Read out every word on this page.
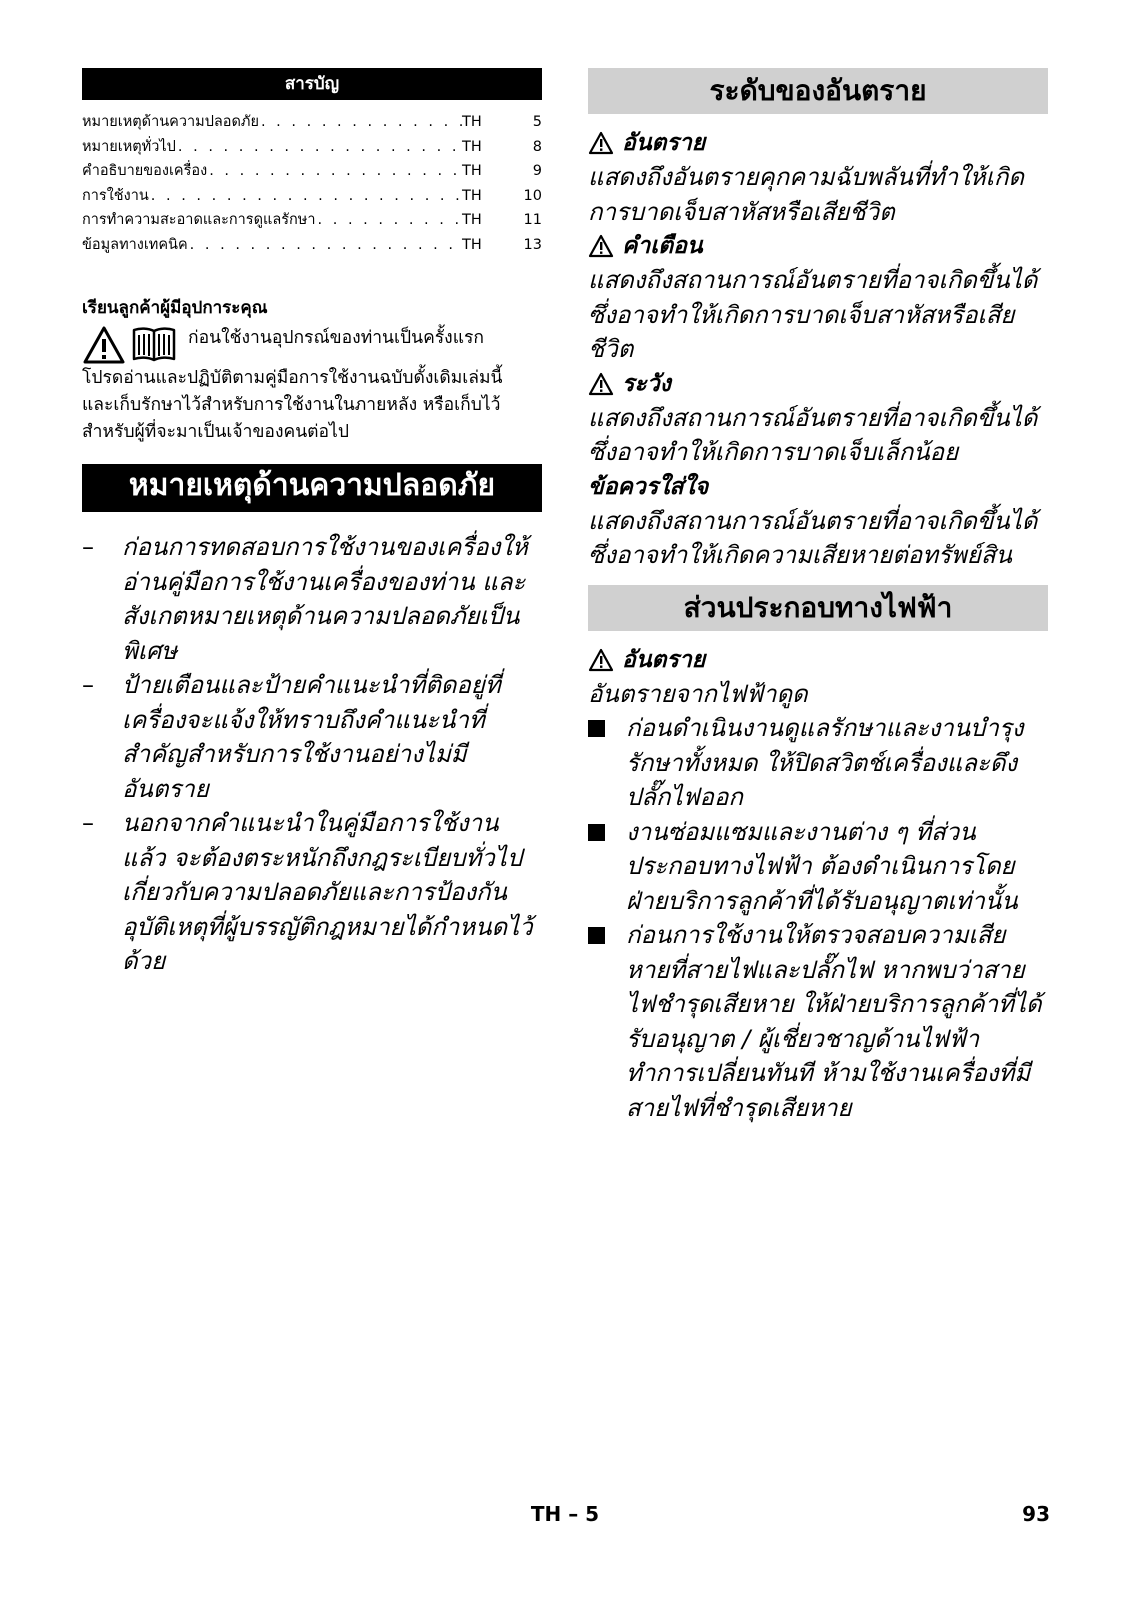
สารบัญ
หมายเหตุด้านความปลอดภัย . . .	TH	5
หมายเหตุทั่วไป . . .	TH	8
คำอธิบายของเครื่อง . . .	TH	9
การใช้งาน . . .	TH	10
การทำความสะอาดและการดูแลรักษา . . .	TH	11
ข้อมูลทางเทคนิค . . .	TH	13
เรียนลูกค้าผู้มีอุปการะคุณ
ก่อนใช้งานอุปกรณ์ของท่านเป็นครั้งแรก
โปรดอ่านและปฏิบัติตามคู่มือการใช้งานฉบับดั้งเดิมเล่มนี้
และเก็บรักษาไว้สำหรับการใช้งานในภายหลัง หรือเก็บไว้สำหรับผู้ที่จะมาเป็นเจ้าของคนต่อไป
หมายเหตุด้านความปลอดภัย
–	ก่อนการทดสอบการใช้งานของเครื่องให้อ่านคู่มือการใช้งานเครื่องของท่าน และสังเกตหมายเหตุด้านความปลอดภัยเป็นพิเศษ
–	ป้ายเตือนและป้ายคำแนะนำที่ติดอยู่ที่เครื่องจะแจ้งให้ทราบถึงคำแนะนำที่สำคัญสำหรับการใช้งานอย่างไม่มีอันตราย
–	นอกจากคำแนะนำในคู่มือการใช้งานแล้ว จะต้องตระหนักถึงกฎระเบียบทั่วไปเกี่ยวกับความปลอดภัยและการป้องกันอุบัติเหตุที่ผู้บรรญัติกฎหมายได้กำหนดไว้ด้วย
ระดับของอันตราย
อันตราย
แสดงถึงอันตรายคุกคามฉับพลันที่ทำให้เกิดการบาดเจ็บสาหัสหรือเสียชีวิต
คำเตือน
แสดงถึงสถานการณ์อันตรายที่อาจเกิดขึ้นได้ ซึ่งอาจทำให้เกิดการบาดเจ็บสาหัสหรือเสียชีวิต
ระวัง
แสดงถึงสถานการณ์อันตรายที่อาจเกิดขึ้นได้ ซึ่งอาจทำให้เกิดการบาดเจ็บเล็กน้อย
ข้อควรใส่ใจ
แสดงถึงสถานการณ์อันตรายที่อาจเกิดขึ้นได้ ซึ่งอาจทำให้เกิดความเสียหายต่อทรัพย์สิน
ส่วนประกอบทางไฟฟ้า
อันตราย
อันตรายจากไฟฟ้าดูด
ก่อนดำเนินงานดูแลรักษาและงานบำรุงรักษาทั้งหมด ให้ปิดสวิตช์เครื่องและดึงปลั๊กไฟออก
งานซ่อมแซมและงานต่าง ๆ ที่ส่วนประกอบทางไฟฟ้า ต้องดำเนินการโดยฝ่ายบริการลูกค้าที่ได้รับอนุญาตเท่านั้น
ก่อนการใช้งานให้ตรวจสอบความเสียหายที่สายไฟและปลั๊กไฟ หากพบว่าสายไฟชำรุดเสียหาย ให้ฝ่ายบริการลูกค้าที่ได้รับอนุญาต / ผู้เชี่ยวชาญด้านไฟฟ้าทำการเปลี่ยนทันที ห้ามใช้งานเครื่องที่มีสายไฟที่ชำรุดเสียหาย
TH – 5	93
